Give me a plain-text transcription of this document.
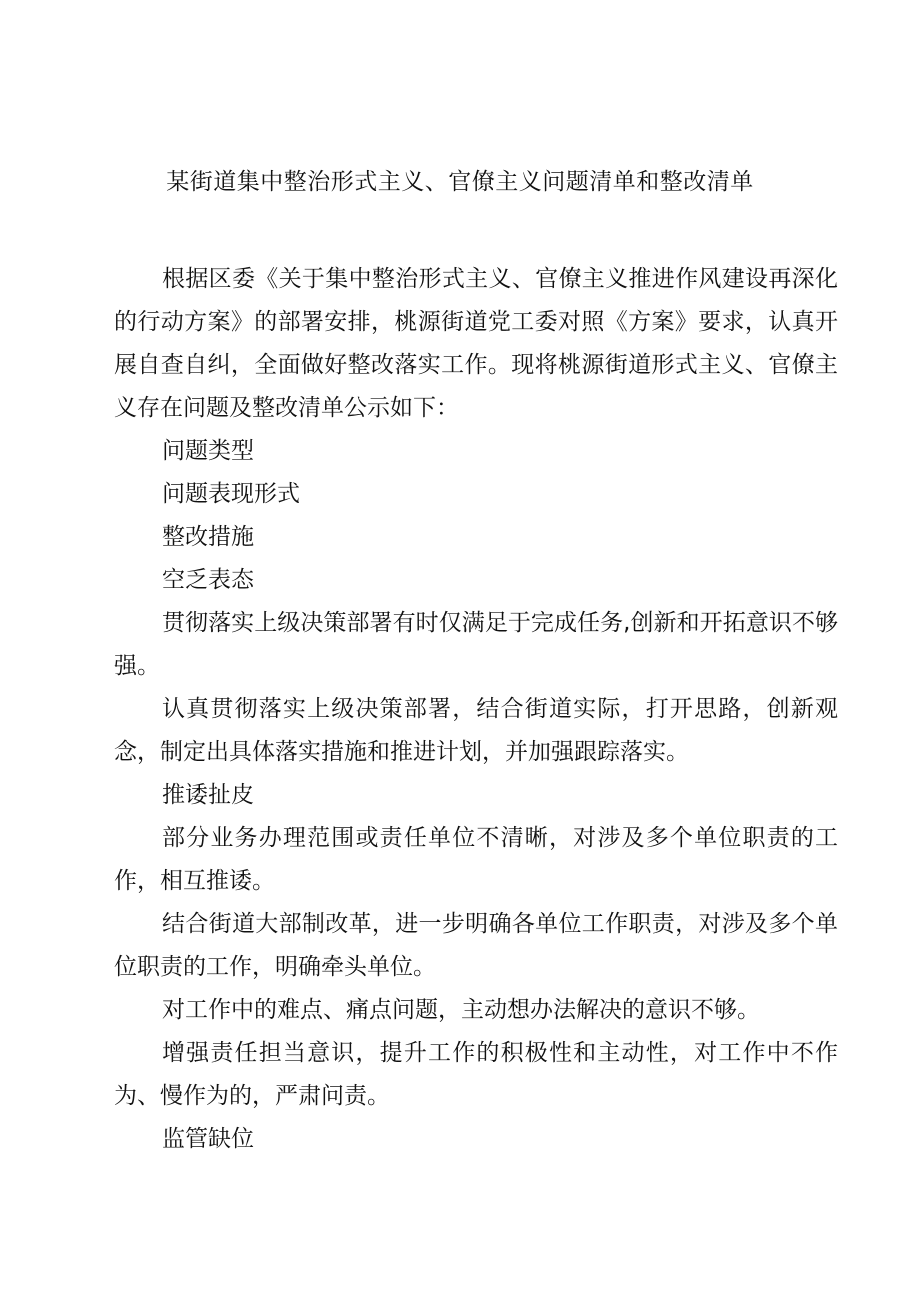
某街道集中整治形式主义、官僚主义问题清单和整改清单

根据区委《关于集中整治形式主义、官僚主义推进作风建设再深化的行动方案》的部署安排，桃源街道党工委对照《方案》要求，认真开展自查自纠，全面做好整改落实工作。现将桃源街道形式主义、官僚主义存在问题及整改清单公示如下：

问题类型

问题表现形式

整改措施

空乏表态

贯彻落实上级决策部署有时仅满足于完成任务,创新和开拓意识不够强。

认真贯彻落实上级决策部署，结合街道实际，打开思路，创新观念，制定出具体落实措施和推进计划，并加强跟踪落实。

推诿扯皮

部分业务办理范围或责任单位不清晰，对涉及多个单位职责的工作，相互推诿。

结合街道大部制改革，进一步明确各单位工作职责，对涉及多个单位职责的工作，明确牵头单位。

对工作中的难点、痛点问题，主动想办法解决的意识不够。

增强责任担当意识，提升工作的积极性和主动性，对工作中不作为、慢作为的，严肃问责。

监管缺位
